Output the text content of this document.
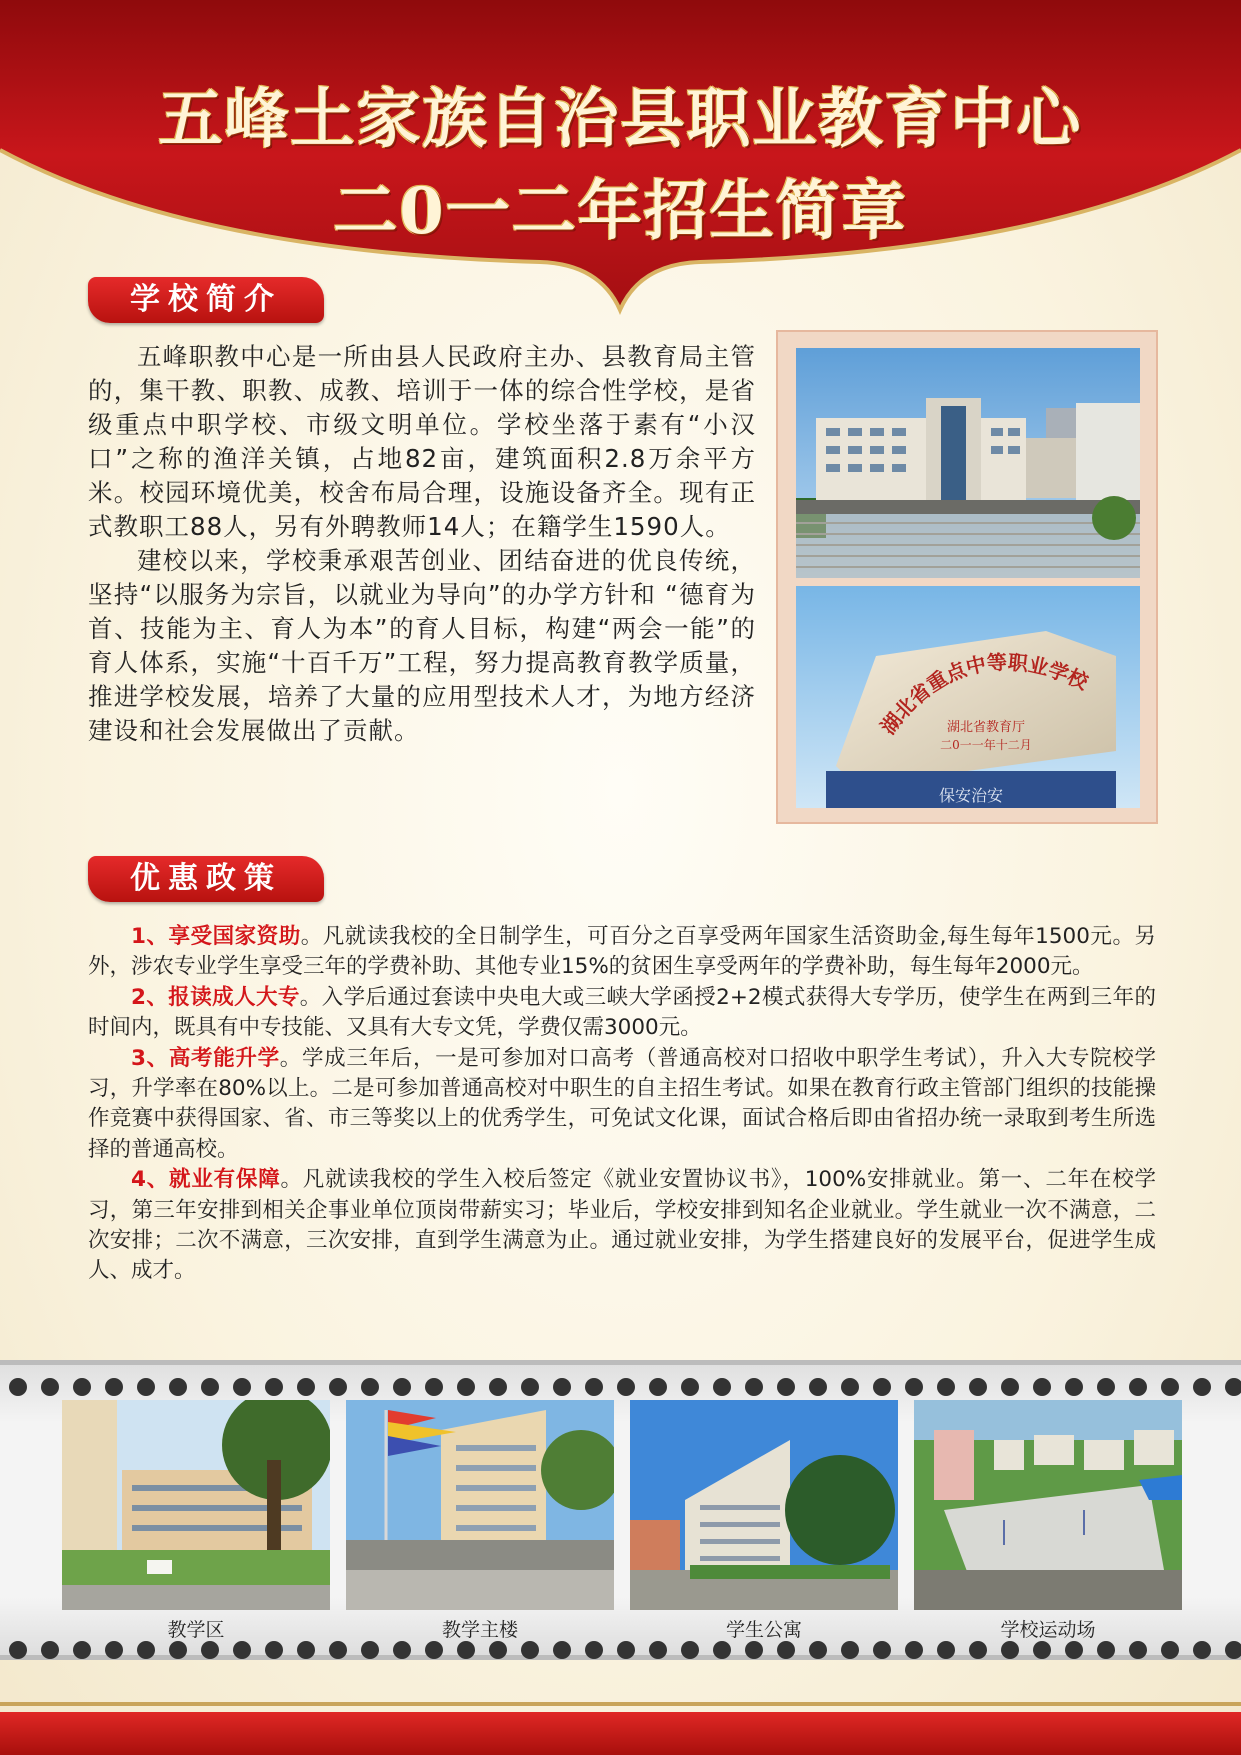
五峰土家族自治县职业教育中心
二0一二年招生简章
学校简介

五峰职教中心是一所由县人民政府主办、县教育局主管的，集干教、职教、成教、培训于一体的综合性学校，是省级重点中职学校、市级文明单位。学校坐落于素有“小汉口”之称的渔洋关镇，占地82亩，建筑面积2.8万余平方米。校园环境优美，校舍布局合理，设施设备齐全。现有正式教职工88人，另有外聘教师14人；在籍学生1590人。

建校以来，学校秉承艰苦创业、团结奋进的优良传统，坚持“以服务为宗旨，以就业为导向”的办学方针和 “德育为首、技能为主、育人为本”的育人目标，构建“两会一能”的育人体系，实施“十百千万”工程，努力提高教育教学质量，推进学校发展，培养了大量的应用型技术人才，为地方经济建设和社会发展做出了贡献。	湖北省重点中等职业学校
湖北省教育厅
二0一一年十二月
保安治安
优惠政策

1、享受国家资助。凡就读我校的全日制学生，可百分之百享受两年国家生活资助金,每生每年1500元。另外，涉农专业学生享受三年的学费补助、其他专业15%的贫困生享受两年的学费补助，每生每年2000元。

2、报读成人大专。入学后通过套读中央电大或三峡大学函授2+2模式获得大专学历，使学生在两到三年的时间内，既具有中专技能、又具有大专文凭，学费仅需3000元。

3、高考能升学。学成三年后，一是可参加对口高考（普通高校对口招收中职学生考试），升入大专院校学习，升学率在80%以上。二是可参加普通高校对中职生的自主招生考试。如果在教育行政主管部门组织的技能操作竞赛中获得国家、省、市三等奖以上的优秀学生，可免试文化课，面试合格后即由省招办统一录取到考生所选择的普通高校。

4、就业有保障。凡就读我校的学生入校后签定《就业安置协议书》，100%安排就业。第一、二年在校学习，第三年安排到相关企事业单位顶岗带薪实习；毕业后，学校安排到知名企业就业。学生就业一次不满意，二次安排；二次不满意，三次安排，直到学生满意为止。通过就业安排，为学生搭建良好的发展平台，促进学生成人、成才。

教学区	教学主楼	学生公寓	学校运动场
